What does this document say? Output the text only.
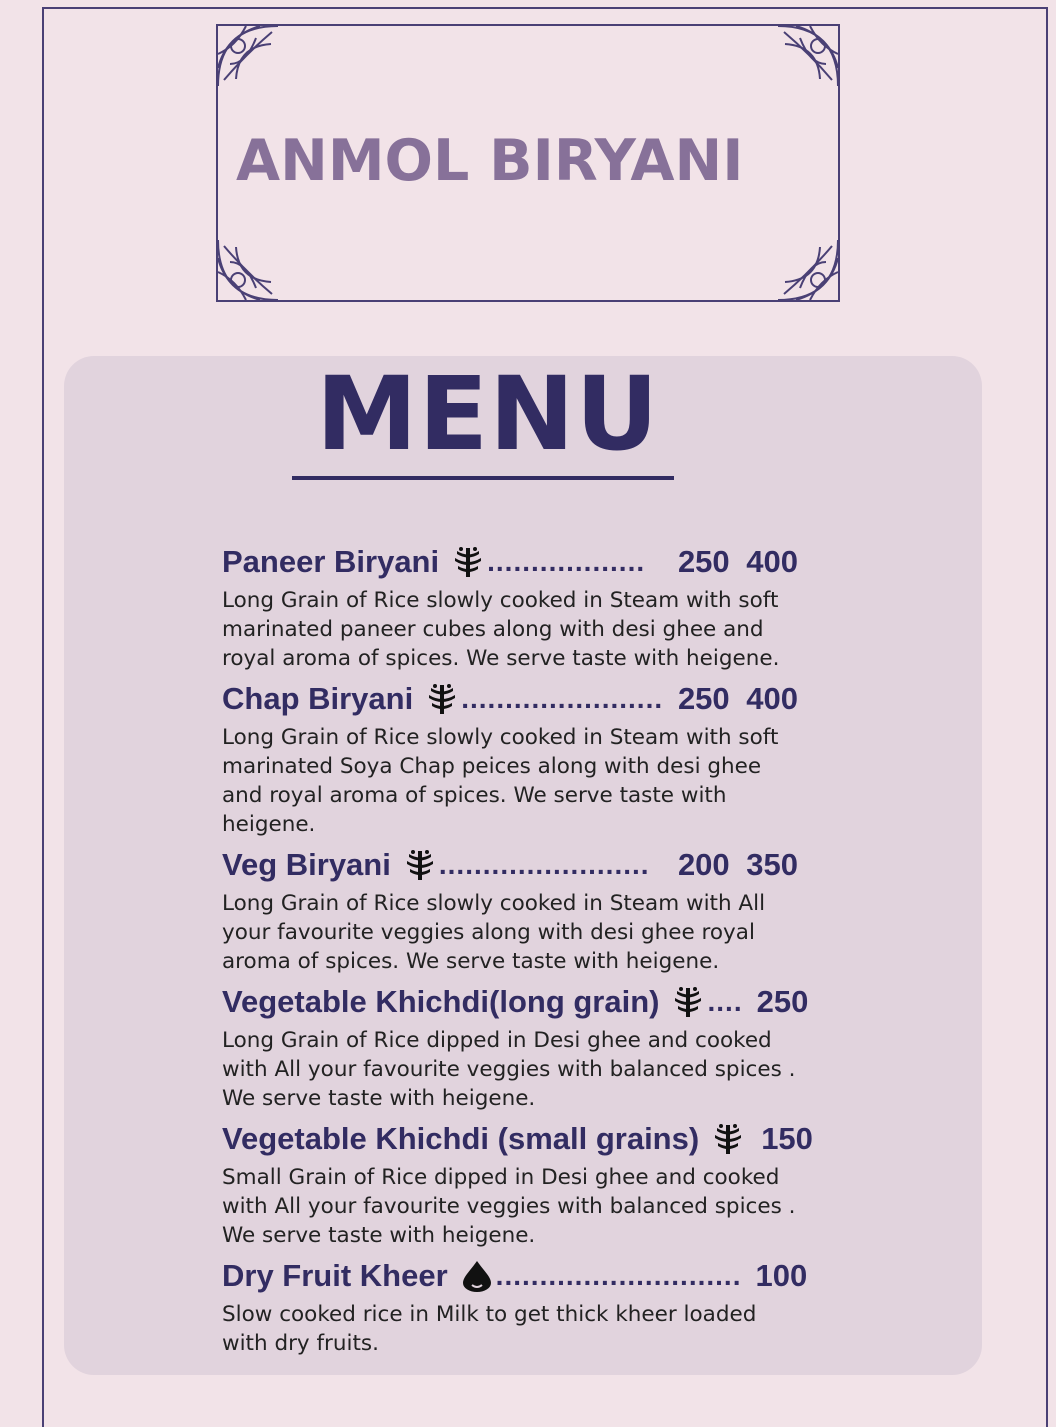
ANMOL BIRYANI
MENU
Paneer Biryani ..................	250 400
Long Grain of Rice slowly cooked in Steam with soft marinated paneer cubes along with desi ghee and royal aroma of spices. We serve taste with heigene.
Chap Biryani ....................... 250 400
Long Grain of Rice slowly cooked in Steam with soft marinated Soya Chap peices along with desi ghee and royal aroma of spices. We serve taste with heigene.
Veg Biryani ........................ 200 350
Long Grain of Rice slowly cooked in Steam with All your favourite veggies along with desi ghee royal aroma of spices. We serve taste with heigene.
Vegetable Khichdi(long grain) .... 250
Long Grain of Rice dipped in Desi ghee and cooked with All your favourite veggies with balanced spices . We serve taste with heigene.
Vegetable Khichdi (small grains) 150
Small Grain of Rice dipped in Desi ghee and cooked with All your favourite veggies with balanced spices . We serve taste with heigene.
Dry Fruit Kheer ............................ 100
Slow cooked rice in Milk to get thick kheer loaded with dry fruits.
